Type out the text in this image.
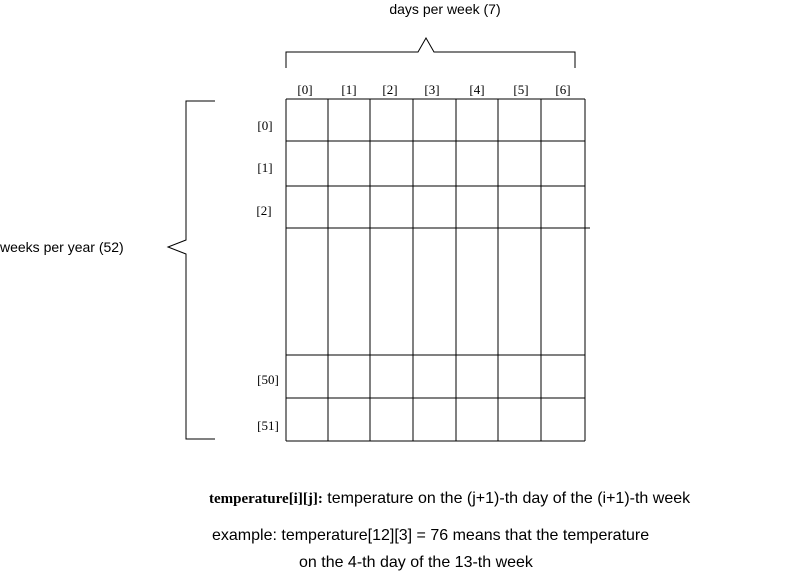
days per week (7)
[0] [1] [2] [3] [4] [5] [6]
weeks per year (52)
[0]
[1]
[2]
[50]
[51]
temperature[i][j]: temperature on the (j+1)-th day of the (i+1)-th week
example: temperature[12][3] = 76 means that the temperature
on the 4-th day of the 13-th week
